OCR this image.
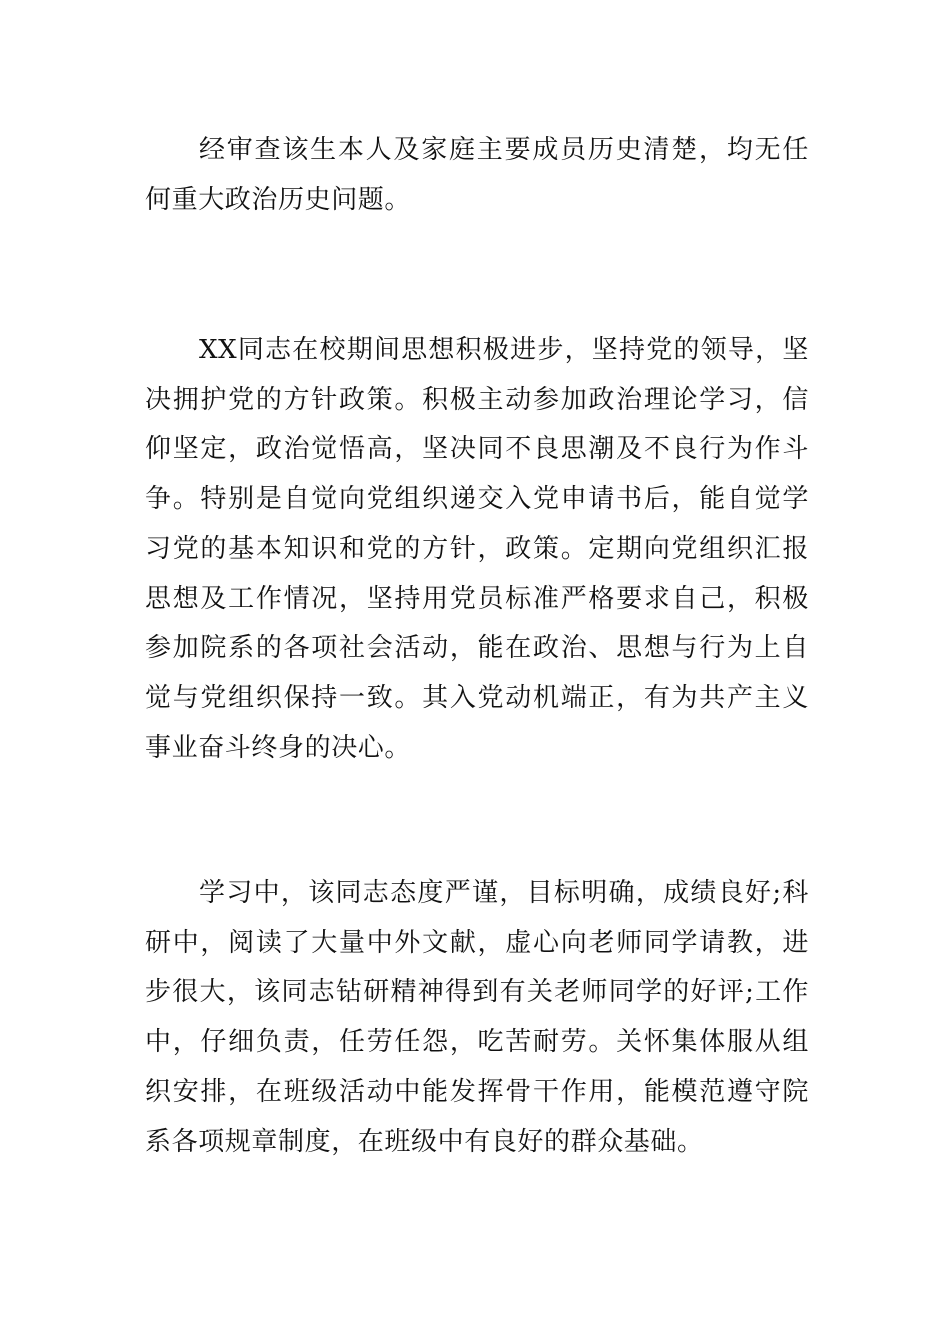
经审查该生本人及家庭主要成员历史清楚，均无任何重大政治历史问题。

XX同志在校期间思想积极进步，坚持党的领导，坚决拥护党的方针政策。积极主动参加政治理论学习，信仰坚定，政治觉悟高，坚决同不良思潮及不良行为作斗争。特别是自觉向党组织递交入党申请书后，能自觉学习党的基本知识和党的方针，政策。定期向党组织汇报思想及工作情况，坚持用党员标准严格要求自己，积极参加院系的各项社会活动，能在政治、思想与行为上自觉与党组织保持一致。其入党动机端正，有为共产主义事业奋斗终身的决心。

学习中，该同志态度严谨，目标明确，成绩良好;科研中，阅读了大量中外文献，虚心向老师同学请教，进步很大，该同志钻研精神得到有关老师同学的好评;工作中，仔细负责，任劳任怨，吃苦耐劳。关怀集体服从组织安排，在班级活动中能发挥骨干作用，能模范遵守院系各项规章制度，在班级中有良好的群众基础。
